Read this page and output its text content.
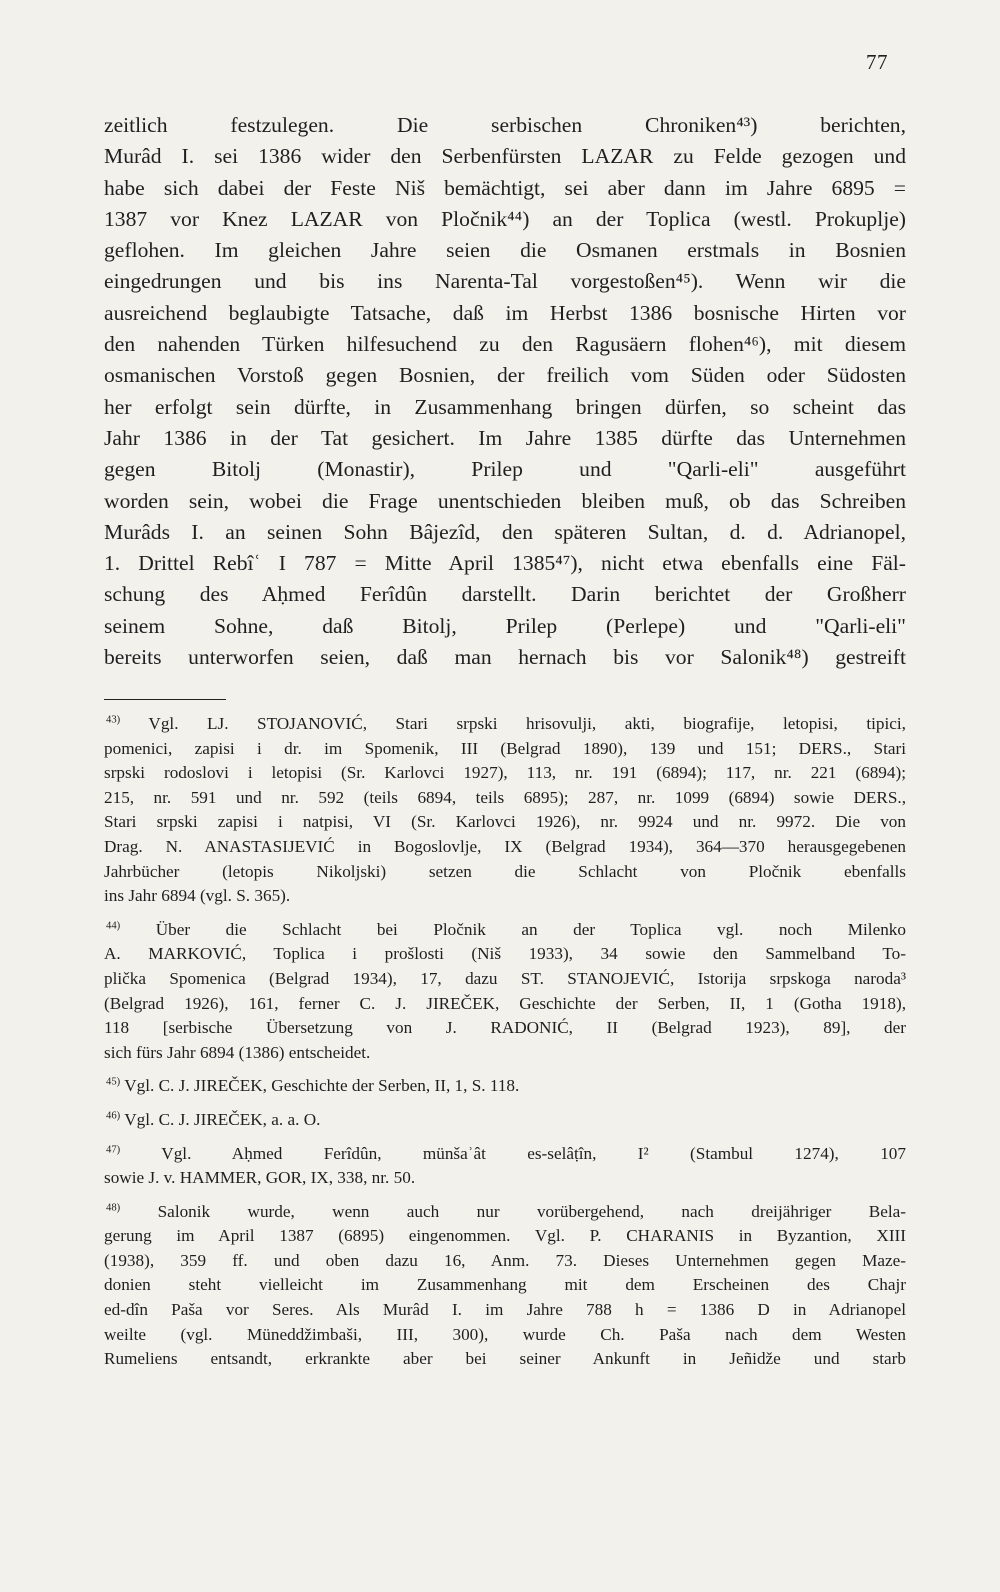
77
zeitlich festzulegen. Die serbischen Chroniken⁴³) berichten,
Murâd I. sei 1386 wider den Serbenfürsten LAZAR zu Felde gezogen und
habe sich dabei der Feste Niš bemächtigt, sei aber dann im Jahre 6895 =
1387 vor Knez LAZAR von Pločnik⁴⁴) an der Toplica (westl. Prokuplje)
geflohen. Im gleichen Jahre seien die Osmanen erstmals in Bosnien
eingedrungen und bis ins Narenta-Tal vorgestoßen⁴⁵). Wenn wir die
ausreichend beglaubigte Tatsache, daß im Herbst 1386 bosnische Hirten vor
den nahenden Türken hilfesuchend zu den Ragusäern flohen⁴⁶), mit diesem
osmanischen Vorstoß gegen Bosnien, der freilich vom Süden oder Südosten
her erfolgt sein dürfte, in Zusammenhang bringen dürfen, so scheint das
Jahr 1386 in der Tat gesichert. Im Jahre 1385 dürfte das Unternehmen
gegen Bitolj (Monastir), Prilep und "Qarli-eli" ausgeführt
worden sein, wobei die Frage unentschieden bleiben muß, ob das Schreiben
Murâds I. an seinen Sohn Bâjezîd, den späteren Sultan, d. d. Adrianopel,
1. Drittel Rebîʿ I 787 = Mitte April 1385⁴⁷), nicht etwa ebenfalls eine Fäl-
schung des Aḥmed Ferîdûn darstellt. Darin berichtet der Großherr
seinem Sohne, daß Bitolj, Prilep (Perlepe) und "Qarli-eli"
bereits unterworfen seien, daß man hernach bis vor Salonik⁴⁸) gestreift
$^{43)}$ Vgl. LJ. STOJANOVIĆ, Stari srpski hrisovulji, akti, biografije, letopisi, tipici,
pomenici, zapisi i dr. im Spomenik, III (Belgrad 1890), 139 und 151; DERS., Stari
srpski rodoslovi i letopisi (Sr. Karlovci 1927), 113, nr. 191 (6894); 117, nr. 221 (6894);
215, nr. 591 und nr. 592 (teils 6894, teils 6895); 287, nr. 1099 (6894) sowie DERS.,
Stari srpski zapisi i natpisi, VI (Sr. Karlovci 1926), nr. 9924 und nr. 9972. Die von
Drag. N. ANASTASIJEVIĆ in Bogoslovlje, IX (Belgrad 1934), 364—370 herausgegebenen
Jahrbücher (letopis Nikoljski) setzen die Schlacht von Pločnik ebenfalls
ins Jahr 6894 (vgl. S. 365).
$^{44)}$ Über die Schlacht bei Pločnik an der Toplica vgl. noch Milenko
A. MARKOVIĆ, Toplica i prošlosti (Niš 1933), 34 sowie den Sammelband To-
plička Spomenica (Belgrad 1934), 17, dazu ST. STANOJEVIĆ, Istorija srpskoga naroda³
(Belgrad 1926), 161, ferner C. J. JIREČEK, Geschichte der Serben, II, 1 (Gotha 1918),
118 [serbische Übersetzung von J. RADONIĆ, II (Belgrad 1923), 89], der
sich fürs Jahr 6894 (1386) entscheidet.
$^{45)}$ Vgl. C. J. JIREČEK, Geschichte der Serben, II, 1, S. 118.
$^{46)}$ Vgl. C. J. JIREČEK, a. a. O.
$^{47)}$ Vgl. Aḥmed Ferîdûn, münšaʾât es-selâṭîn, I² (Stambul 1274), 107
sowie J. v. HAMMER, GOR, IX, 338, nr. 50.
$^{48)}$ Salonik wurde, wenn auch nur vorübergehend, nach dreijähriger Bela-
gerung im April 1387 (6895) eingenommen. Vgl. P. CHARANIS in Byzantion, XIII
(1938), 359 ff. und oben dazu 16, Anm. 73. Dieses Unternehmen gegen Maze-
donien steht vielleicht im Zusammenhang mit dem Erscheinen des Chajr
ed-dîn Paša vor Seres. Als Murâd I. im Jahre 788 h = 1386 D in Adrianopel
weilte (vgl. Müneddžimbaši, III, 300), wurde Ch. Paša nach dem Westen
Rumeliens entsandt, erkrankte aber bei seiner Ankunft in Jeñidže und starb
